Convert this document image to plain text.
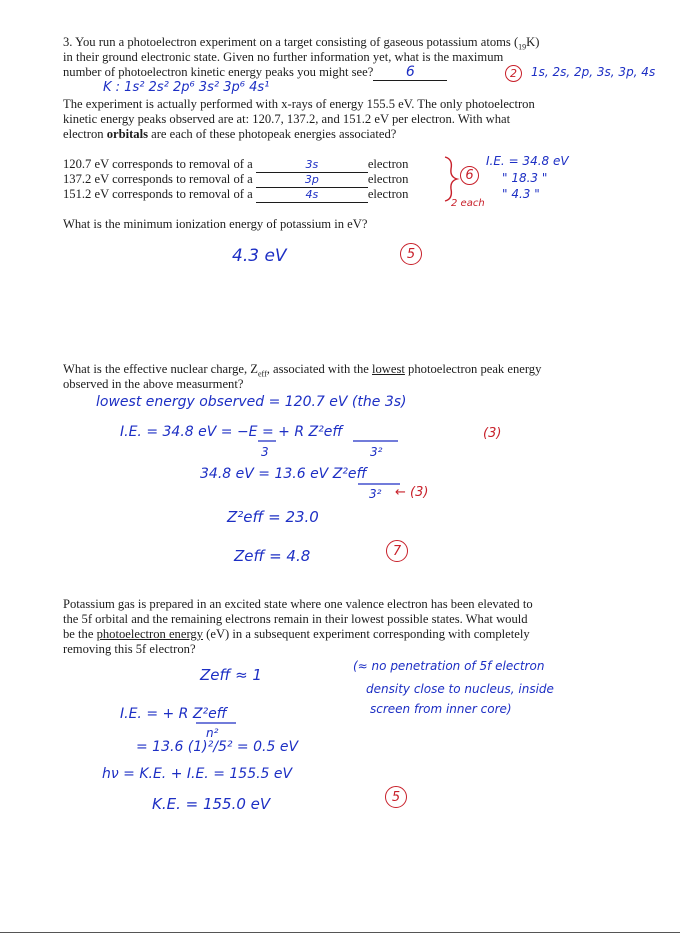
3. You run a photoelectron experiment on a target consisting of gaseous potassium atoms $(_{19}K)$
in their ground electronic state. Given no further information yet, what is the maximum
number of photoelectron kinetic energy peaks you might see? 6	2	1s, 2s, 2p, 3s, 3p, 4s
K : 1s² 2s² 2p⁶ 3s² 3p⁶ 4s¹
The experiment is actually performed with x-rays of energy 155.5 eV. The only photoelectron
kinetic energy peaks observed are at: 120.7, 137.2, and 151.2 eV per electron. With what
electron orbitals are each of these photopeak energies associated?
120.7 eV corresponds to removal of a	3s	electron
137.2 eV corresponds to removal of a	3p	electron
151.2 eV corresponds to removal of a	4s	electron
6
2 each
I.E. = 34.8 eV
" 18.3 "
" 4.3 "
What is the minimum ionization energy of potassium in eV?
4.3 eV	5
What is the effective nuclear charge, $Z_{eff}$, associated with the lowest photoelectron peak energy
observed in the above measurment?
lowest energy observed = 120.7 eV (the 3s)
I.E. = 34.8 eV = −E = + R Z²eff
3	3²
(3)
34.8 eV = 13.6 eV Z²eff
3² ← (3)
Z²eff = 23.0
Zeff = 4.8	7
Potassium gas is prepared in an excited state where one valence electron has been elevated to
the 5f orbital and the remaining electrons remain in their lowest possible states. What would
be the photoelectron energy (eV) in a subsequent experiment corresponding with completely
removing this 5f electron?
Zeff ≈ 1	(≈ no penetration of 5f electron
density close to nucleus, inside
screen from inner core)
I.E. = + R Z²eff
n²
= 13.6 (1)²/5² = 0.5 eV
hν = K.E. + I.E. = 155.5 eV
K.E. = 155.0 eV	5
